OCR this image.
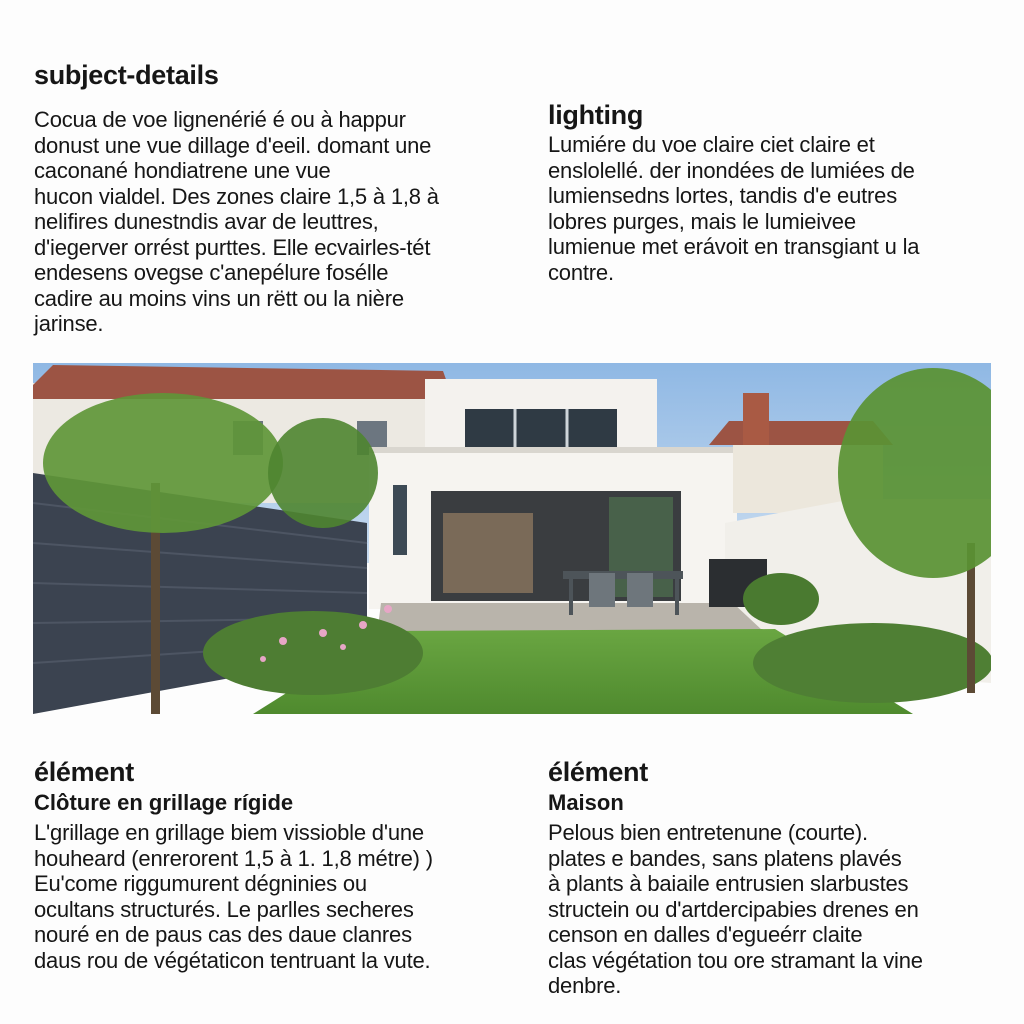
subject-details

Cocua de voe lignenérié é ou à happur
donust une vue dillage d'eeil. domant une
caconané hondiatrene une vue
hucon vialdel. Des zones claire 1,5 à 1,8 à
nelifires dunestndis avar de leuttres,
d'iegerver orrést purttes. Elle ecvairles-tét
endesens ovegse c'anepélure fosélle
cadire au moins vins un rëtt ou la nière
jarinse.

lighting

Lumiére du voe claire ciet claire et
enslolellé. der inondées de lumiées de
lumiensedns lortes, tandis d'e eutres
lobres purges, mais le lumieivee
lumienue met erávoit en transgiant u la
contre.

élément
Clôture en grillage rígide

L'grillage en grillage biem vissioble d'une
houheard (enrerorent 1,5 à 1. 1,8 métre) )
Eu'come riggumurent dégninies ou
ocultans structurés. Le parlles secheres
nouré en de paus cas des daue clanres
daus rou de végétaticon tentruant la vute.

élément
Maison

Pelous bien entretenune (courte).
plates e bandes, sans platens plavés
à plants à baiaile entrusien slarbustes
structein ou d'artdercipabies drenes en
censon en dalles d'egueérr claite
clas végétation tou ore stramant la vine
denbre.
